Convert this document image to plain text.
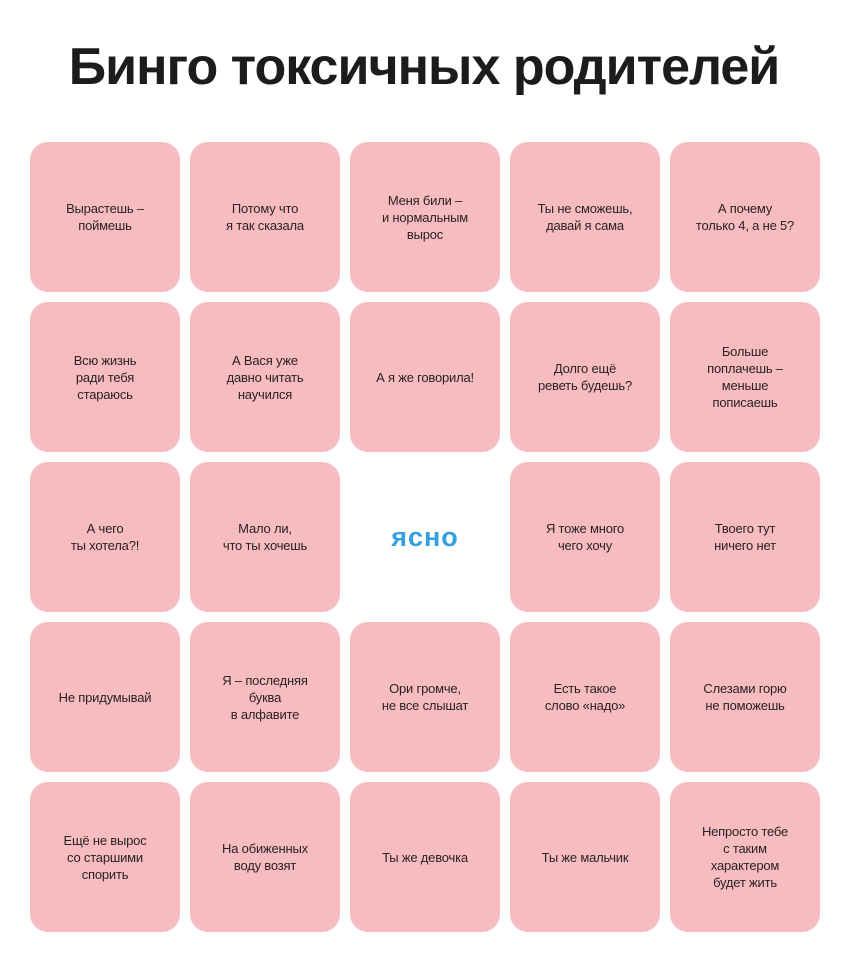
Бинго токсичных родителей
Вырастешь –
поймешь
Потому что
я так сказала
Меня били –
и нормальным
вырос
Ты не сможешь,
давай я сама
А почему
только 4, а не 5?
Всю жизнь
ради тебя
стараюсь
А Вася уже
давно читать
научился
А я же говорила!
Долго ещё
реветь будешь?
Больше
поплачешь –
меньше
пописаешь
А чего
ты хотела?!
Мало ли,
что ты хочешь	ясно	Я тоже много
чего хочу
Твоего тут
ничего нет
Не придумывай
Я – последняя
буква
в алфавите
Ори громче,
не все слышат
Есть такое
слово «надо»
Слезами горю
не поможешь
Ещё не вырос
со старшими
спорить
На обиженных
воду возят
Ты же девочка	Ты же мальчик
Непросто тебе
с таким
характером
будет жить
